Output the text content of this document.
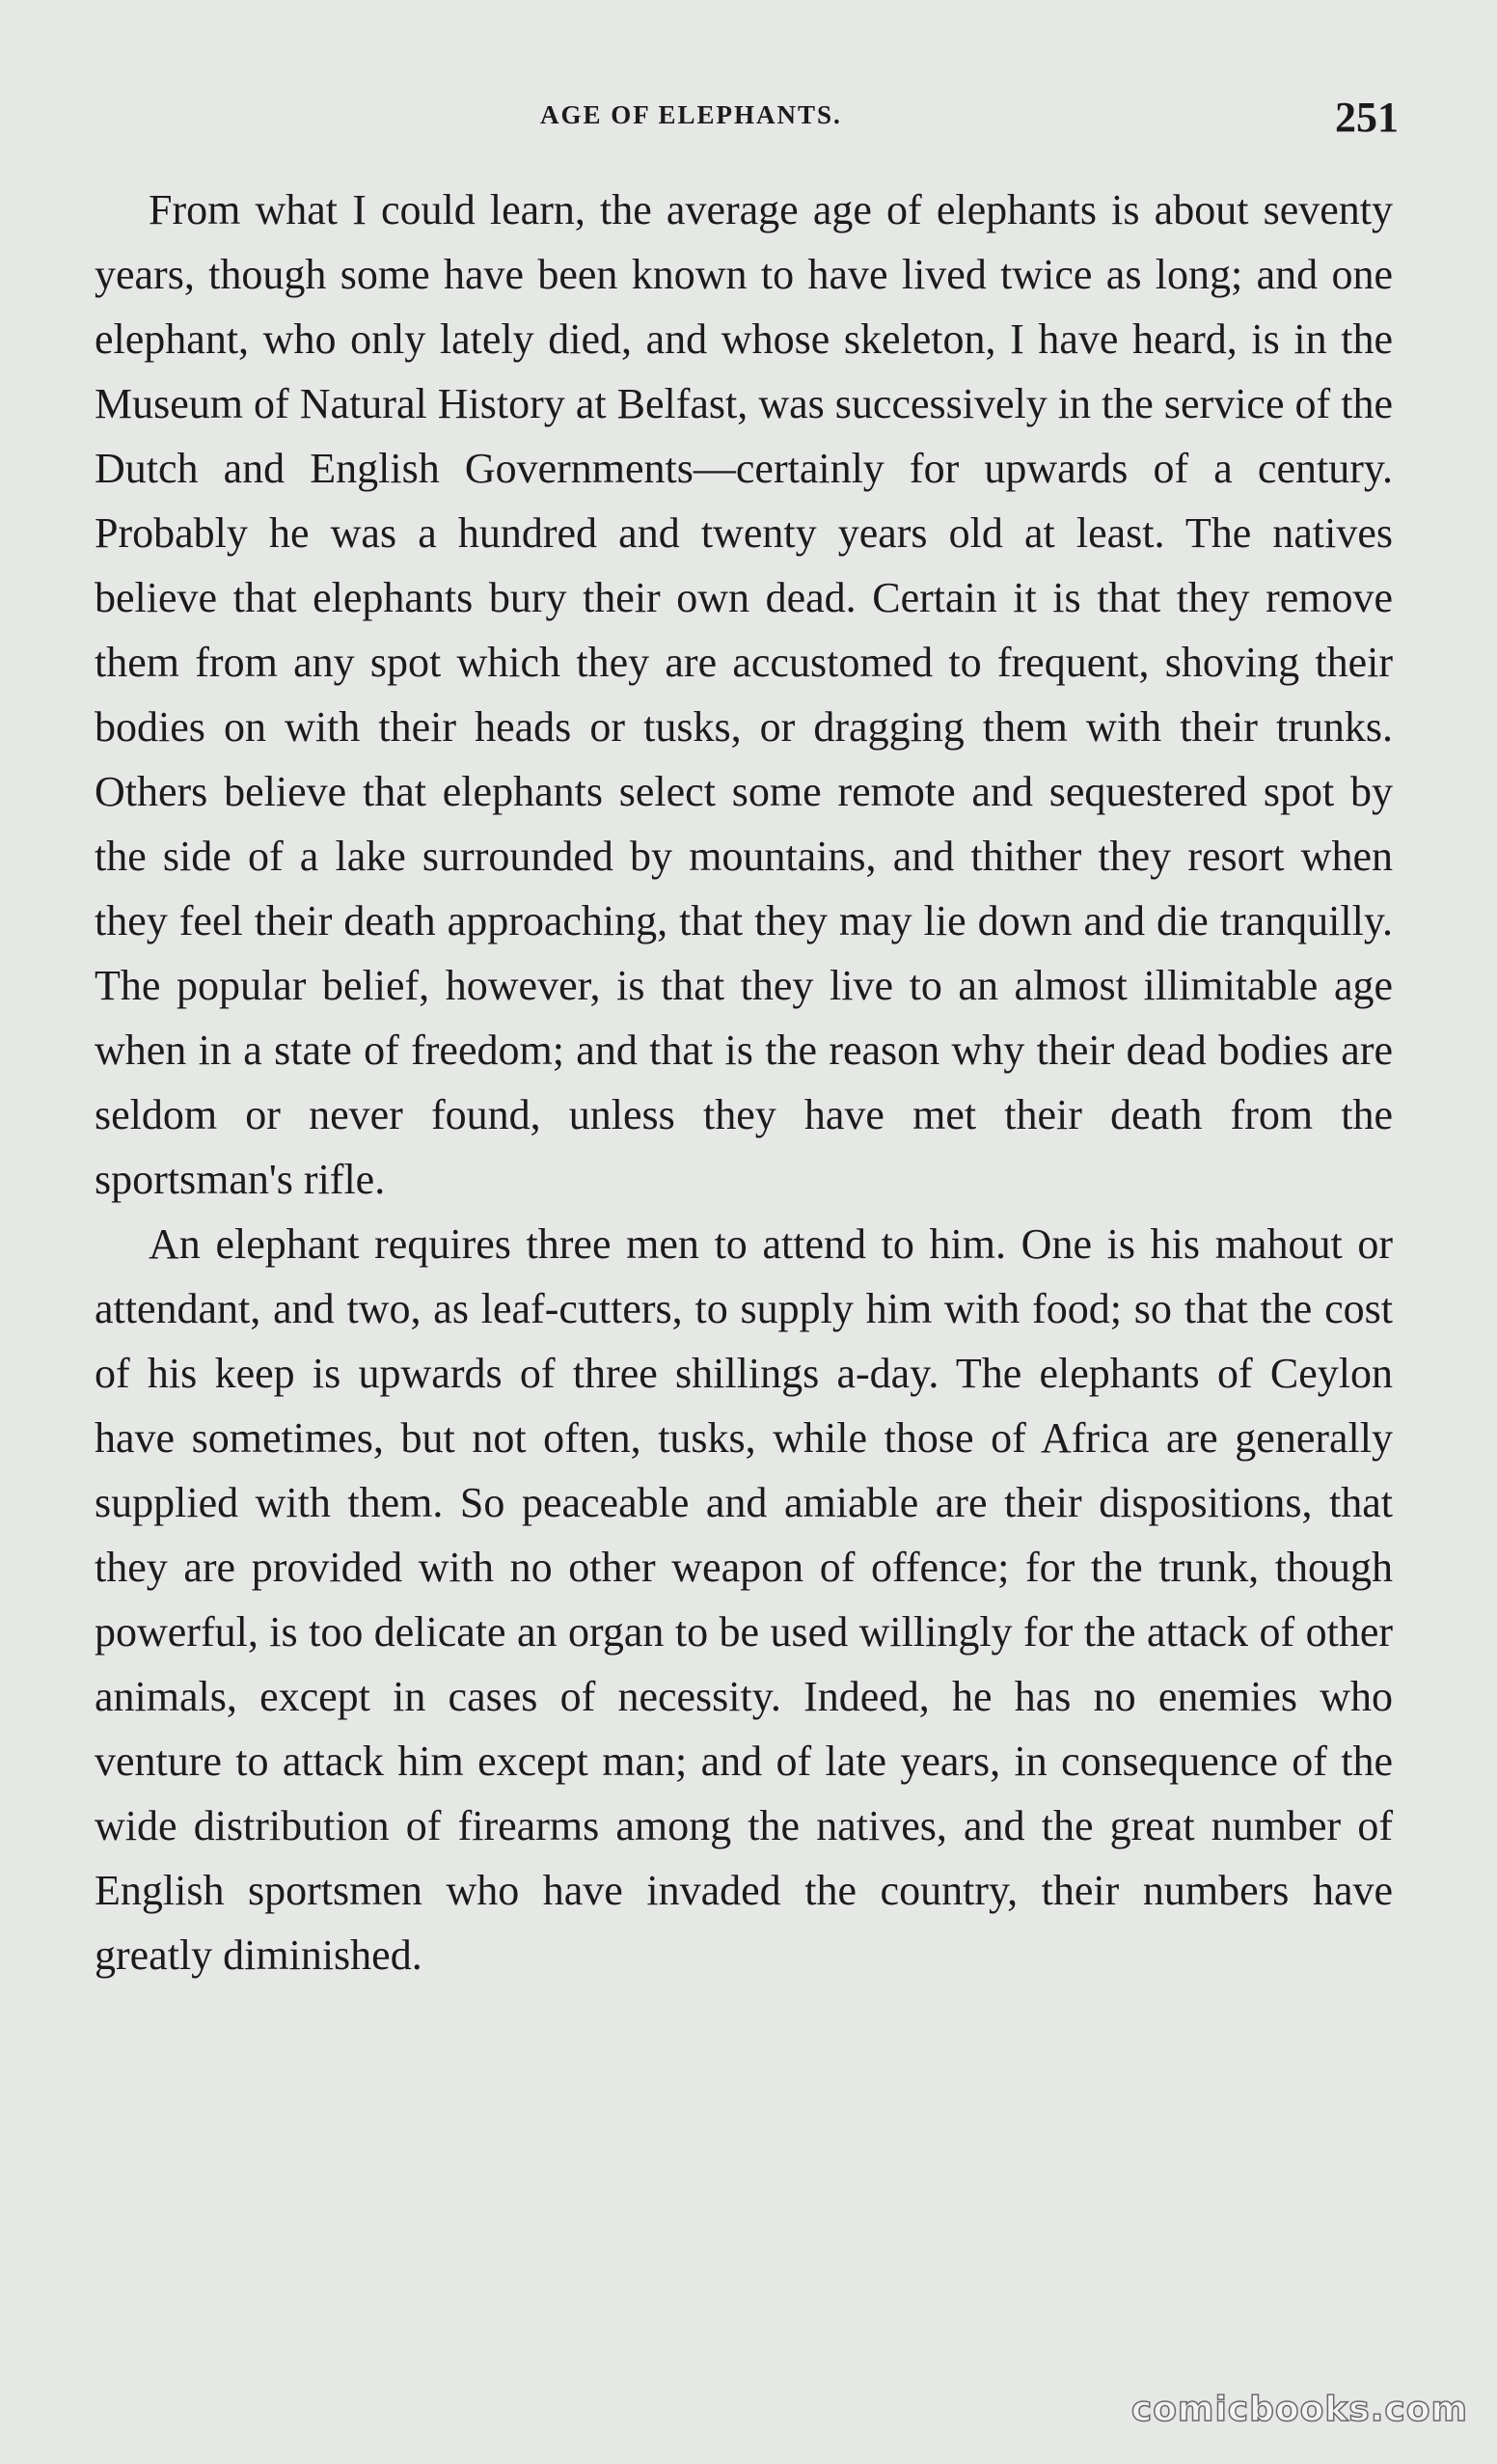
AGE OF ELEPHANTS.	251

From what I could learn, the average age of elephants is about seventy years, though some have been known to have lived twice as long; and one elephant, who only lately died, and whose skeleton, I have heard, is in the Museum of Natural History at Belfast, was successively in the service of the Dutch and English Governments—certainly for upwards of a century. Probably he was a hundred and twenty years old at least. The natives believe that elephants bury their own dead. Certain it is that they remove them from any spot which they are accustomed to frequent, shoving their bodies on with their heads or tusks, or dragging them with their trunks. Others believe that elephants select some remote and sequestered spot by the side of a lake surrounded by mountains, and thither they resort when they feel their death approaching, that they may lie down and die tranquilly. The popular belief, however, is that they live to an almost illimitable age when in a state of freedom; and that is the reason why their dead bodies are seldom or never found, unless they have met their death from the sportsman's rifle.

An elephant requires three men to attend to him. One is his mahout or attendant, and two, as leaf-cutters, to supply him with food; so that the cost of his keep is upwards of three shillings a-day. The elephants of Ceylon have sometimes, but not often, tusks, while those of Africa are generally supplied with them. So peaceable and amiable are their dispositions, that they are provided with no other weapon of offence; for the trunk, though powerful, is too delicate an organ to be used willingly for the attack of other animals, except in cases of necessity. Indeed, he has no enemies who venture to attack him except man; and of late years, in consequence of the wide distribution of firearms among the natives, and the great number of English sportsmen who have invaded the country, their numbers have greatly diminished.

comicbooks.com
